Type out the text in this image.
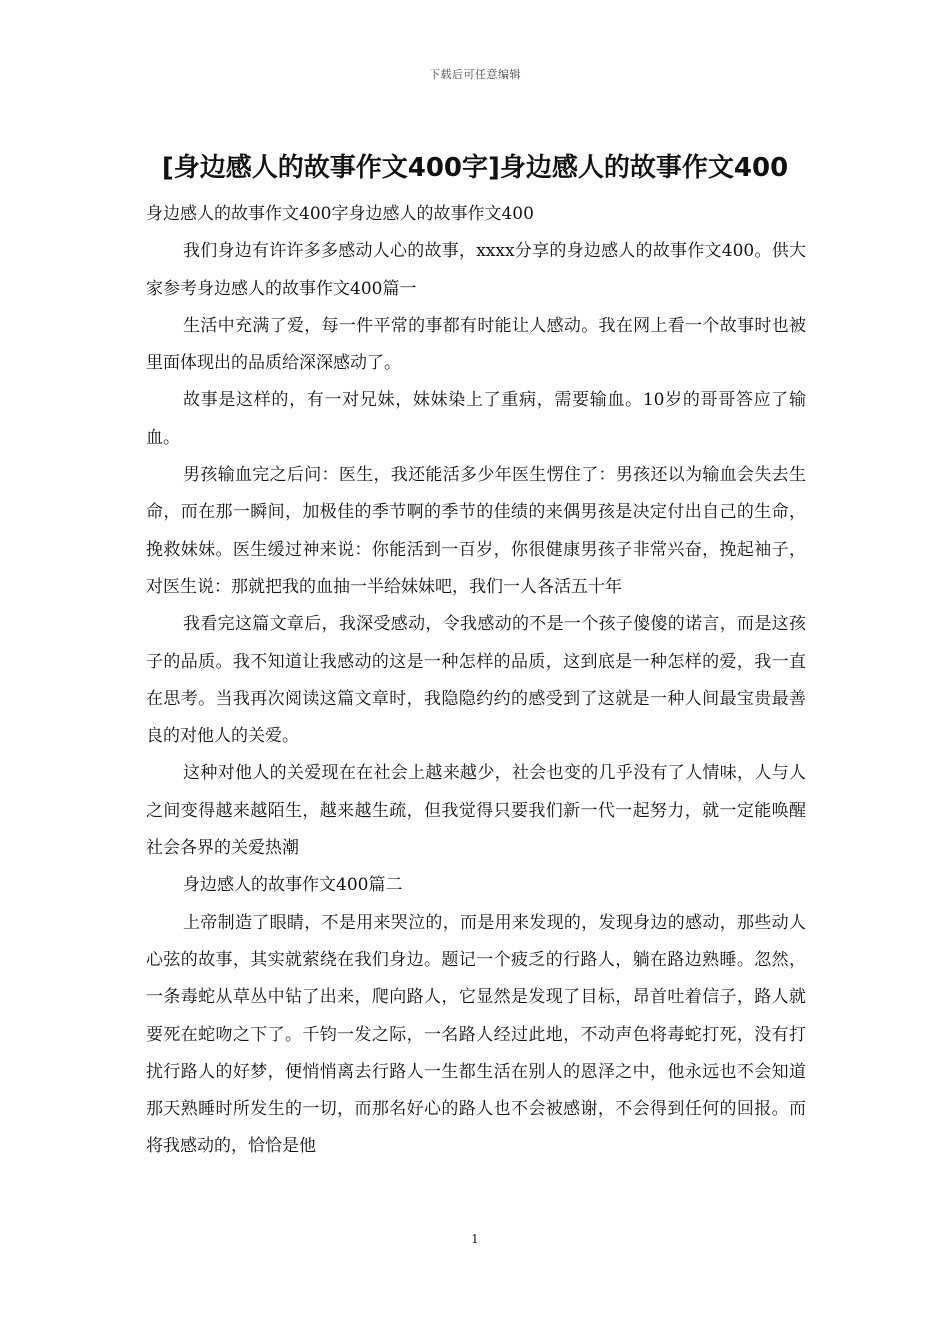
下载后可任意编辑
[身边感人的故事作文400字]身边感人的故事作文400

身边感人的故事作文400字身边感人的故事作文400

我们身边有许许多多感动人心的故事，xxxx分享的身边感人的故事作文400。供大家参考身边感人的故事作文400篇一

生活中充满了爱，每一件平常的事都有时能让人感动。我在网上看一个故事时也被里面体现出的品质给深深感动了。

故事是这样的，有一对兄妹，妹妹染上了重病，需要输血。10岁的哥哥答应了输血。

男孩输血完之后问：医生，我还能活多少年医生愣住了：男孩还以为输血会失去生命，而在那一瞬间，加极佳的季节啊的季节的佳绩的来偶男孩是决定付出自己的生命，挽救妹妹。医生缓过神来说：你能活到一百岁，你很健康男孩子非常兴奋，挽起袖子，对医生说：那就把我的血抽一半给妹妹吧，我们一人各活五十年

我看完这篇文章后，我深受感动，令我感动的不是一个孩子傻傻的诺言，而是这孩子的品质。我不知道让我感动的这是一种怎样的品质，这到底是一种怎样的爱，我一直在思考。当我再次阅读这篇文章时，我隐隐约约的感受到了这就是一种人间最宝贵最善良的对他人的关爱。

这种对他人的关爱现在在社会上越来越少，社会也变的几乎没有了人情味，人与人之间变得越来越陌生，越来越生疏，但我觉得只要我们新一代一起努力，就一定能唤醒社会各界的关爱热潮

身边感人的故事作文400篇二

上帝制造了眼睛，不是用来哭泣的，而是用来发现的，发现身边的感动，那些动人心弦的故事，其实就萦绕在我们身边。题记一个疲乏的行路人，躺在路边熟睡。忽然，一条毒蛇从草丛中钻了出来，爬向路人，它显然是发现了目标，昂首吐着信子，路人就要死在蛇吻之下了。千钧一发之际，一名路人经过此地，不动声色将毒蛇打死，没有打扰行路人的好梦，便悄悄离去行路人一生都生活在别人的恩泽之中，他永远也不会知道那天熟睡时所发生的一切，而那名好心的路人也不会被感谢，不会得到任何的回报。而将我感动的，恰恰是他

1
